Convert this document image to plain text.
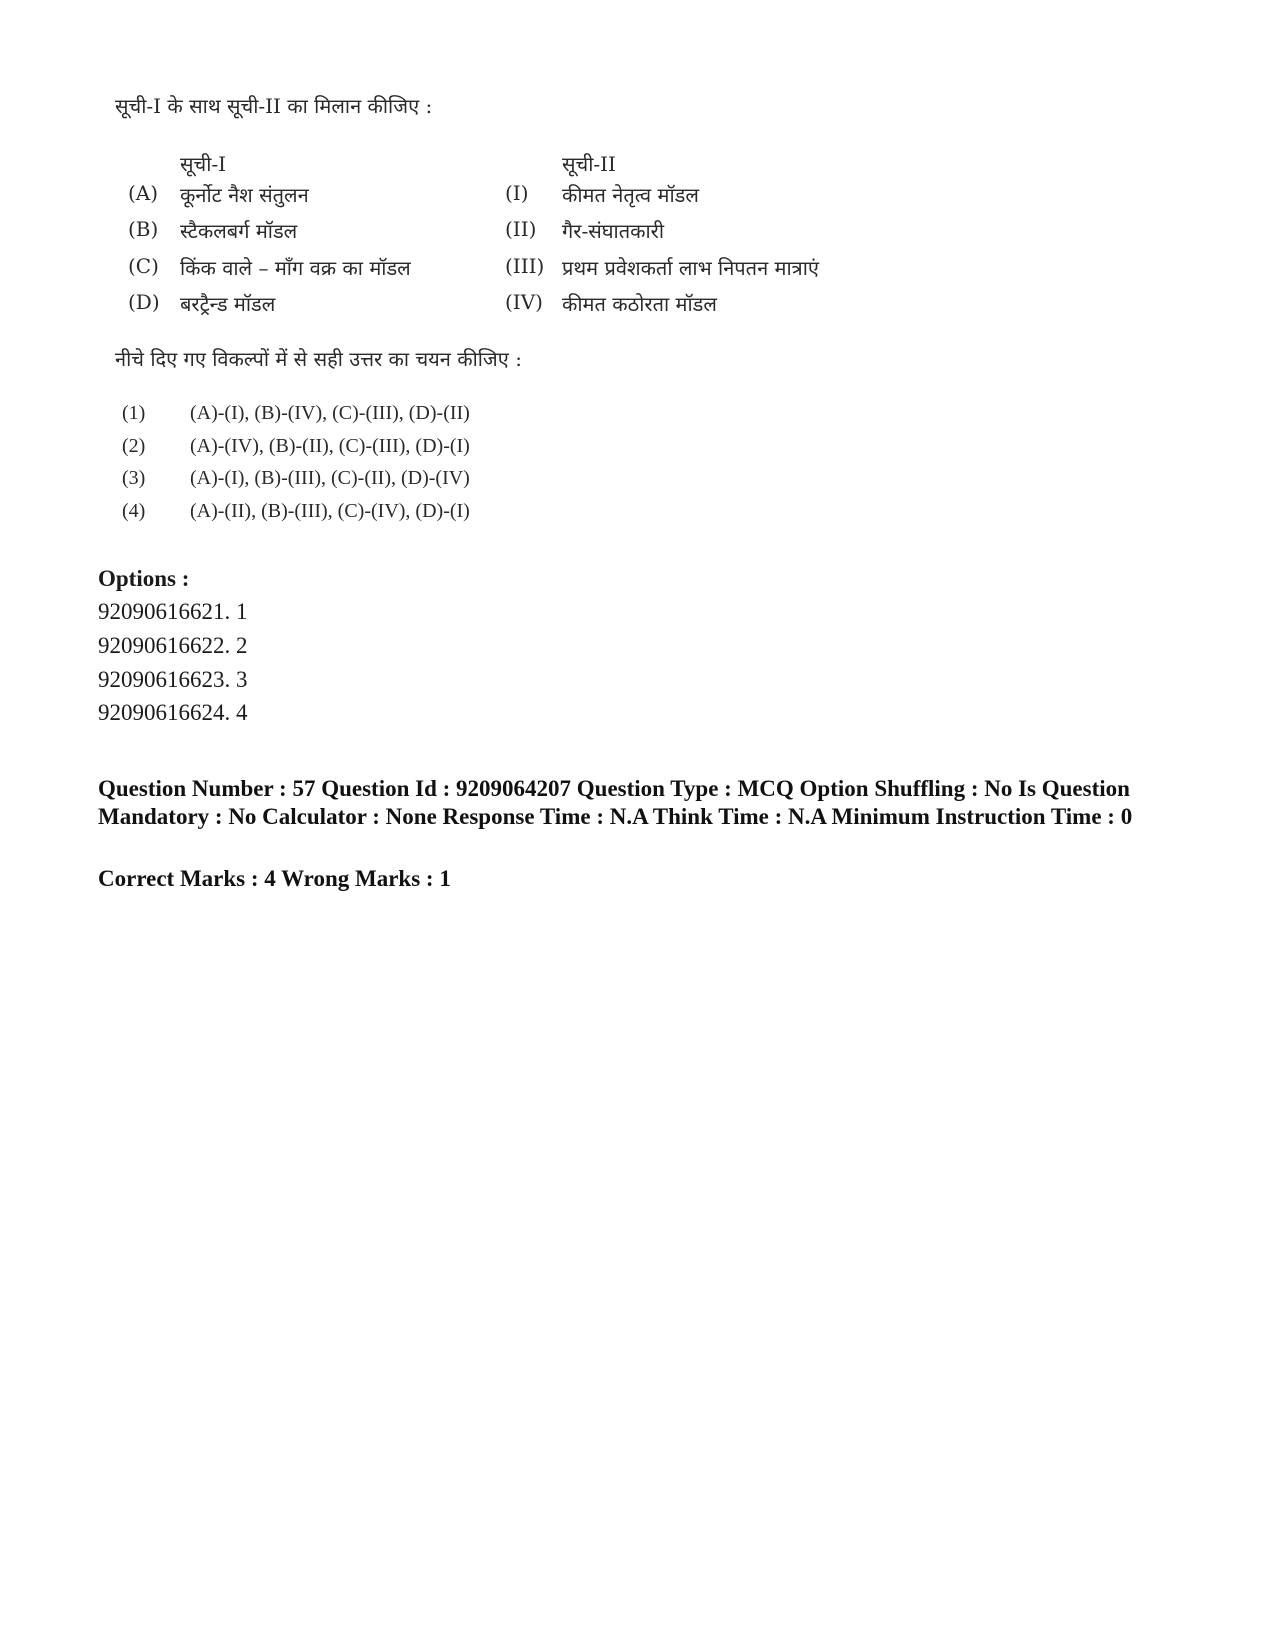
सूची-I के साथ सूची-II का मिलान कीजिए :
सूची-I	सूची-II
(A) कूर्नोट नैश संतुलन	(I) कीमत नेतृत्व मॉडल
(B) स्टैकलबर्ग मॉडल	(II) गैर-संघातकारी
(C) किंक वाले – माँग वक्र का मॉडल	(III) प्रथम प्रवेशकर्ता लाभ निपतन मात्राएं
(D) बरट्रैन्ड मॉडल	(IV) कीमत कठोरता मॉडल
नीचे दिए गए विकल्पों में से सही उत्तर का चयन कीजिए :
(1) (A)-(I), (B)-(IV), (C)-(III), (D)-(II)
(2) (A)-(IV), (B)-(II), (C)-(III), (D)-(I)
(3) (A)-(I), (B)-(III), (C)-(II), (D)-(IV)
(4) (A)-(II), (B)-(III), (C)-(IV), (D)-(I)
Options :
92090616621. 1
92090616622. 2
92090616623. 3
92090616624. 4
Question Number : 57 Question Id : 9209064207 Question Type : MCQ Option Shuffling : No Is Question Mandatory : No Calculator : None Response Time : N.A Think Time : N.A Minimum Instruction Time : 0
Correct Marks : 4 Wrong Marks : 1
